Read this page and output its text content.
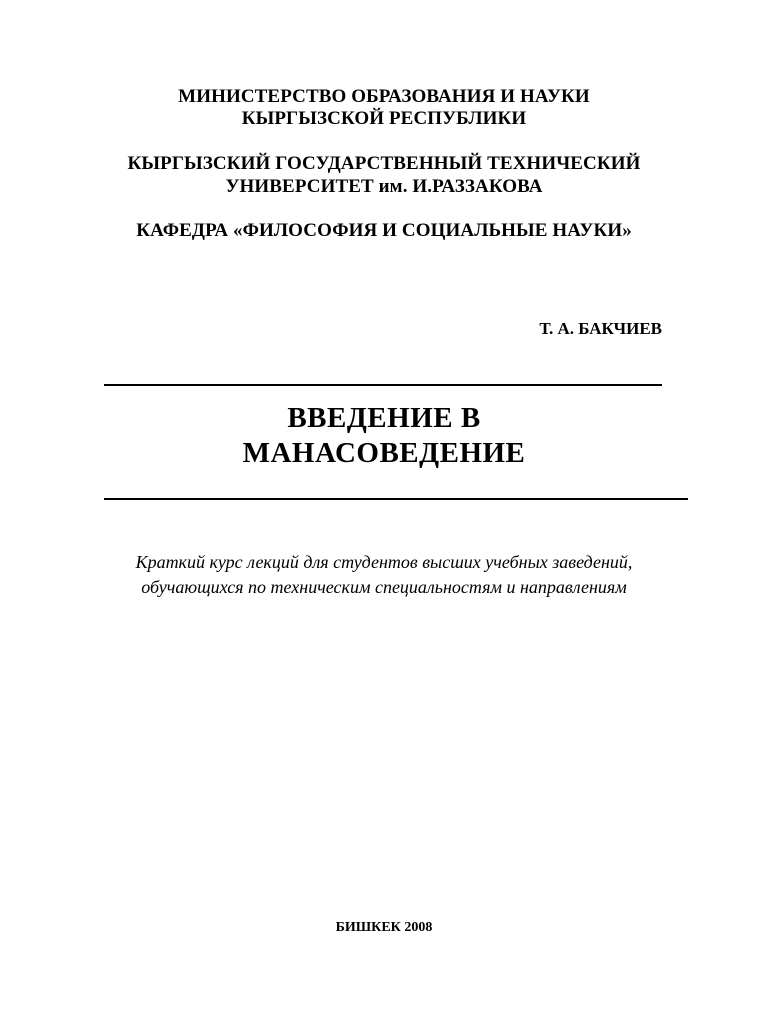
МИНИСТЕРСТВО ОБРАЗОВАНИЯ И НАУКИ
КЫРГЫЗСКОЙ РЕСПУБЛИКИ
КЫРГЫЗСКИЙ ГОСУДАРСТВЕННЫЙ ТЕХНИЧЕСКИЙ
УНИВЕРСИТЕТ им. И.РАЗЗАКОВА
КАФЕДРА «ФИЛОСОФИЯ И СОЦИАЛЬНЫЕ НАУКИ»
Т. А. БАКЧИЕВ
ВВЕДЕНИЕ В
МАНАСОВЕДЕНИЕ
Краткий курс лекций для студентов высших учебных заведений,
обучающихся по техническим специальностям и направлениям
БИШКЕК 2008
